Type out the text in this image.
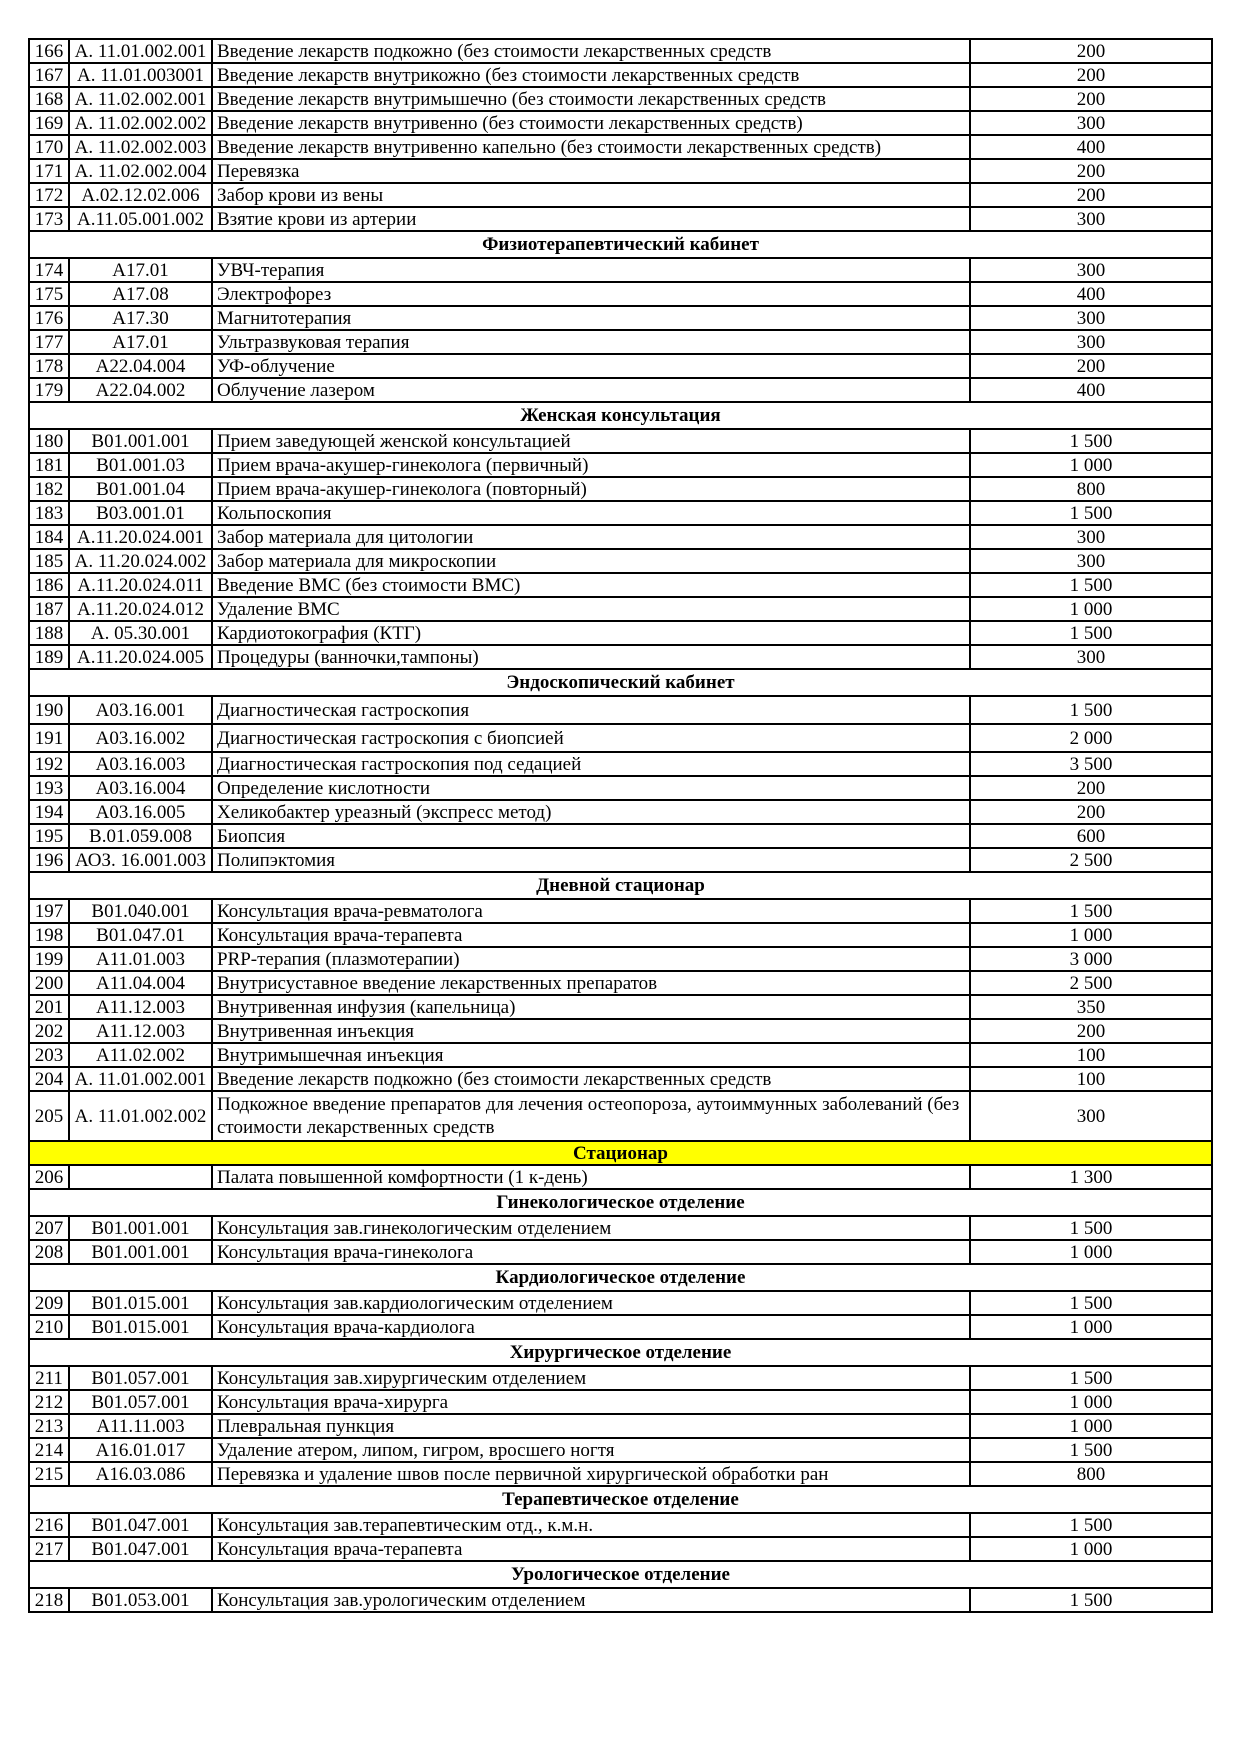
166	А. 11.01.002.001	Введение лекарств подкожно (без стоимости лекарственных средств	200
167	А. 11.01.003001	Введение лекарств внутрикожно (без стоимости лекарственных средств	200
168	А. 11.02.002.001	Введение лекарств внутримышечно (без стоимости лекарственных средств	200
169	А. 11.02.002.002	Введение лекарств внутривенно (без стоимости лекарственных средств)	300
170	А. 11.02.002.003	Введение лекарств внутривенно капельно (без стоимости лекарственных средств)	400
171	А. 11.02.002.004	Перевязка	200
172	А.02.12.02.006	Забор крови из вены	200
173	А.11.05.001.002	Взятие крови из артерии	300
Физиотерапевтический кабинет			
174	А17.01	УВЧ-терапия	300
175	А17.08	Электрофорез	400
176	А17.30	Магнитотерапия	300
177	А17.01	Ультразвуковая терапия	300
178	А22.04.004	УФ-облучение	200
179	А22.04.002	Облучение лазером	400
Женская консультация			
180	В01.001.001	Прием заведующей женской консультацией	1 500
181	В01.001.03	Прием врача-акушер-гинеколога (первичный)	1 000
182	В01.001.04	Прием врача-акушер-гинеколога (повторный)	800
183	В03.001.01	Кольпоскопия	1 500
184	А.11.20.024.001	Забор материала для цитологии	300
185	А. 11.20.024.002	Забор материала для микроскопии	300
186	А.11.20.024.011	Введение ВМС (без стоимости ВМС)	1 500
187	А.11.20.024.012	Удаление ВМС	1 000
188	А. 05.30.001	Кардиотокография (КТГ)	1 500
189	А.11.20.024.005	Процедуры (ванночки,тампоны)	300
Эндоскопический кабинет			
190	А03.16.001	Диагностическая гастроскопия	1 500
191	А03.16.002	Диагностическая гастроскопия с биопсией	2 000
192	А03.16.003	Диагностическая гастроскопия под седацией	3 500
193	А03.16.004	Определение кислотности	200
194	А03.16.005	Хеликобактер уреазный (экспресс метод)	200
195	В.01.059.008	Биопсия	600
196	АОЗ. 16.001.003	Полипэктомия	2 500
Дневной стационар			
197	В01.040.001	Консультация врача-ревматолога	1 500
198	В01.047.01	Консультация врача-терапевта	1 000
199	А11.01.003	PRP-терапия (плазмотерапии)	3 000
200	А11.04.004	Внутрисуставное введение лекарственных препаратов	2 500
201	А11.12.003	Внутривенная инфузия (капельница)	350
202	А11.12.003	Внутривенная инъекция	200
203	А11.02.002	Внутримышечная инъекция	100
204	А. 11.01.002.001	Введение лекарств подкожно (без стоимости лекарственных средств	100
205	А. 11.01.002.002	Подкожное введение препаратов для лечения остеопороза, аутоиммунных заболеваний (без стоимости лекарственных средств	300
Стационар			
206		Палата повышенной комфортности (1 к-день)	1 300
Гинекологическое отделение			
207	В01.001.001	Консультация зав.гинекологическим отделением	1 500
208	В01.001.001	Консультация врача-гинеколога	1 000
Кардиологическое отделение			
209	В01.015.001	Консультация зав.кардиологическим отделением	1 500
210	В01.015.001	Консультация врача-кардиолога	1 000
Хирургическое отделение			
211	В01.057.001	Консультация зав.хирургическим отделением	1 500
212	В01.057.001	Консультация врача-хирурга	1 000
213	А11.11.003	Плевральная пункция	1 000
214	А16.01.017	Удаление атером, липом, гигром, вросшего ногтя	1 500
215	А16.03.086	Перевязка и удаление швов после первичной хирургической обработки ран	800
Терапевтическое отделение			
216	В01.047.001	Консультация зав.терапевтическим отд., к.м.н.	1 500
217	В01.047.001	Консультация врача-терапевта	1 000
Урологическое отделение			
218	В01.053.001	Консультация зав.урологическим отделением	1 500
